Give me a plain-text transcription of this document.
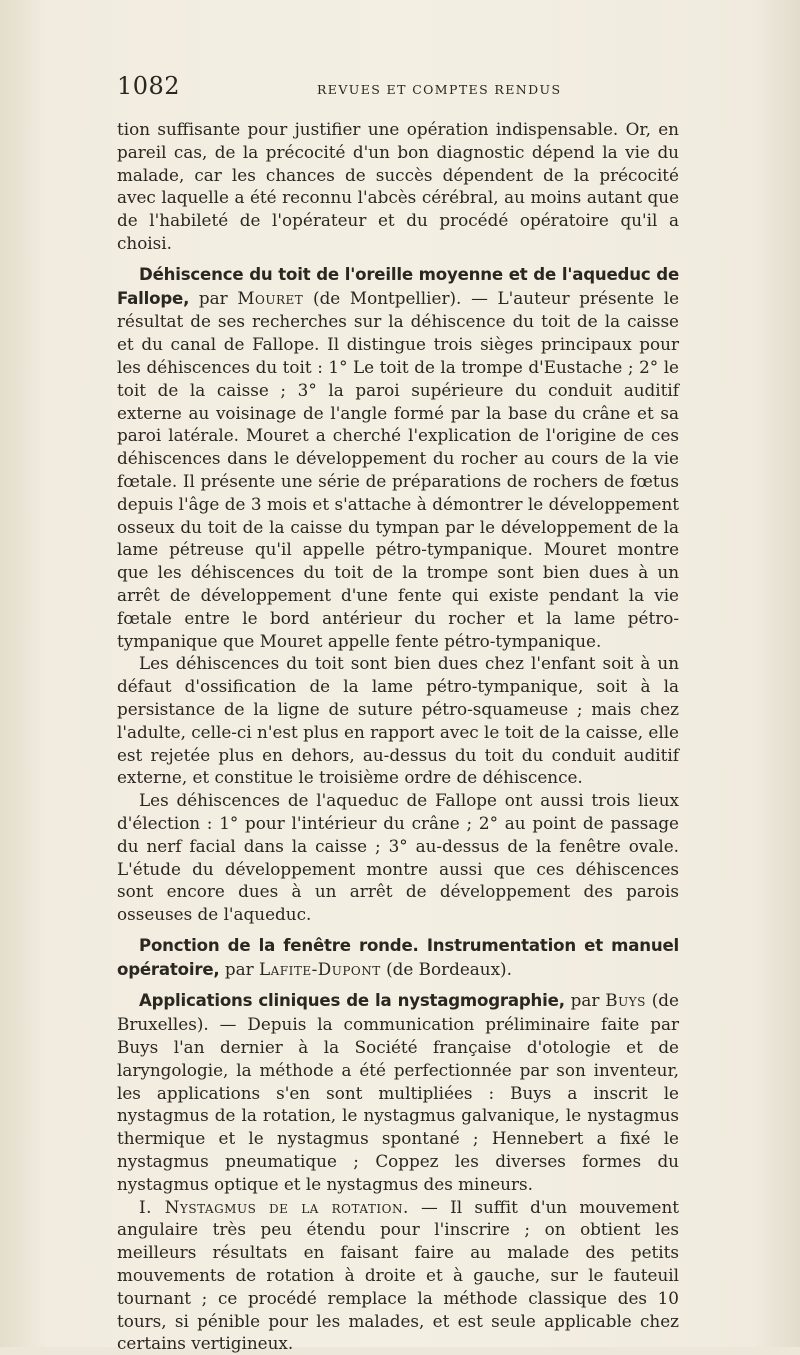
1082	REVUES ET COMPTES RENDUS

tion suffisante pour justifier une opération indispensable. Or, en pareil cas, de la précocité d'un bon diagnostic dépend la vie du malade, car les chances de succès dépendent de la précocité avec laquelle a été reconnu l'abcès cérébral, au moins autant que de l'habileté de l'opérateur et du procédé opératoire qu'il a choisi.

Déhiscence du toit de l'oreille moyenne et de l'aqueduc de Fallope, par Mouret (de Montpellier). — L'auteur présente le résultat de ses recherches sur la déhiscence du toit de la caisse et du canal de Fallope. Il distingue trois sièges principaux pour les déhiscences du toit : 1° Le toit de la trompe d'Eustache ; 2° le toit de la caisse ; 3° la paroi supérieure du conduit auditif externe au voisinage de l'angle formé par la base du crâne et sa paroi latérale. Mouret a cherché l'explication de l'origine de ces déhiscences dans le développement du rocher au cours de la vie fœtale. Il présente une série de préparations de rochers de fœtus depuis l'âge de 3 mois et s'attache à démontrer le développement osseux du toit de la caisse du tympan par le développement de la lame pétreuse qu'il appelle pétro-tympanique. Mouret montre que les déhiscences du toit de la trompe sont bien dues à un arrêt de développement d'une fente qui existe pendant la vie fœtale entre le bord antérieur du rocher et la lame pétro-tympanique que Mouret appelle fente pétro-tympanique.

Les déhiscences du toit sont bien dues chez l'enfant soit à un défaut d'ossification de la lame pétro-tympanique, soit à la persistance de la ligne de suture pétro-squameuse ; mais chez l'adulte, celle-ci n'est plus en rapport avec le toit de la caisse, elle est rejetée plus en dehors, au-dessus du toit du conduit auditif externe, et constitue le troisième ordre de déhiscence.

Les déhiscences de l'aqueduc de Fallope ont aussi trois lieux d'élection : 1° pour l'intérieur du crâne ; 2° au point de passage du nerf facial dans la caisse ; 3° au-dessus de la fenêtre ovale. L'étude du développement montre aussi que ces déhiscences sont encore dues à un arrêt de développement des parois osseuses de l'aqueduc.

Ponction de la fenêtre ronde. Instrumentation et manuel opératoire, par Lafite-Dupont (de Bordeaux).

Applications cliniques de la nystagmographie, par Buys (de Bruxelles). — Depuis la communication préliminaire faite par Buys l'an dernier à la Société française d'otologie et de laryngologie, la méthode a été perfectionnée par son inventeur, les applications s'en sont multipliées : Buys a inscrit le nystagmus de la rotation, le nystagmus galvanique, le nystagmus thermique et le nystagmus spontané ; Hennebert a fixé le nystagmus pneumatique ; Coppez les diverses formes du nystagmus optique et le nystagmus des mineurs.

I. Nystagmus de la rotation. — Il suffit d'un mouvement angulaire très peu étendu pour l'inscrire ; on obtient les meilleurs résultats en faisant faire au malade des petits mouvements de rotation à droite et à gauche, sur le fauteuil tournant ; ce procédé remplace la méthode classique des 10 tours, si pénible pour les malades, et est seule applicable chez certains vertigineux.
